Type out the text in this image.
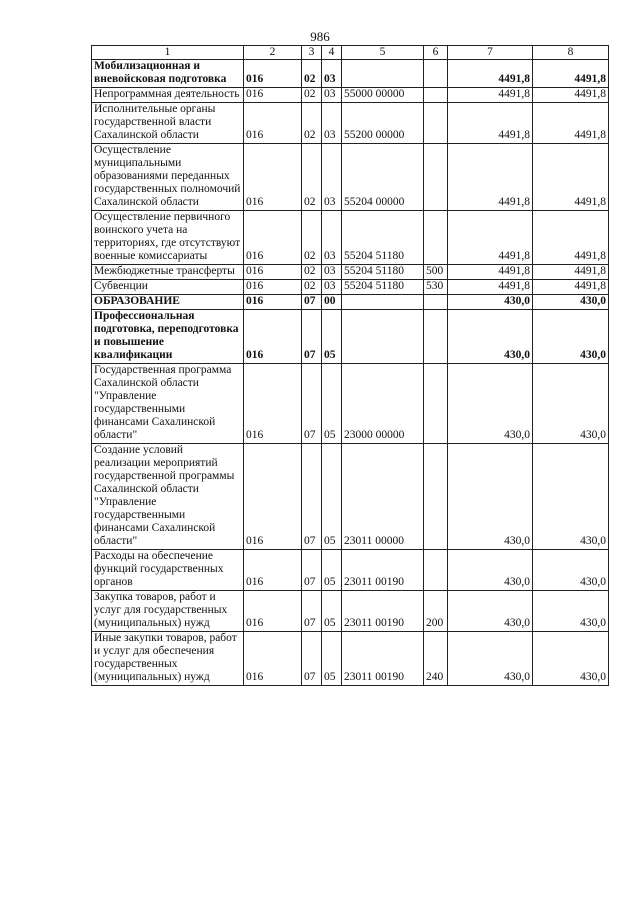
986
1	2	3	4	5	6	7	8
Мобилизационная и вневойсковая подготовка	016	02	03			4491,8	4491,8
Непрограммная деятельность	016	02	03	55000 00000		4491,8	4491,8
Исполнительные органы государственной власти Сахалинской области	016	02	03	55200 00000		4491,8	4491,8
Осуществление муниципальными образованиями переданных государственных полномочий Сахалинской области	016	02	03	55204 00000		4491,8	4491,8
Осуществление первичного воинского учета на территориях, где отсутствуют военные комиссариаты	016	02	03	55204 51180		4491,8	4491,8
Межбюджетные трансферты	016	02	03	55204 51180	500	4491,8	4491,8
Субвенции	016	02	03	55204 51180	530	4491,8	4491,8
ОБРАЗОВАНИЕ	016	07	00			430,0	430,0
Профессиональная подготовка, переподготовка и повышение квалификации	016	07	05			430,0	430,0
Государственная программа Сахалинской области "Управление государственными финансами Сахалинской области"	016	07	05	23000 00000		430,0	430,0
Создание условий реализации мероприятий государственной программы Сахалинской области "Управление государственными финансами Сахалинской области"	016	07	05	23011 00000		430,0	430,0
Расходы на обеспечение функций государственных органов	016	07	05	23011 00190		430,0	430,0
Закупка товаров, работ и услуг для государственных (муниципальных) нужд	016	07	05	23011 00190	200	430,0	430,0
Иные закупки товаров, работ и услуг для обеспечения государственных (муниципальных) нужд	016	07	05	23011 00190	240	430,0	430,0
